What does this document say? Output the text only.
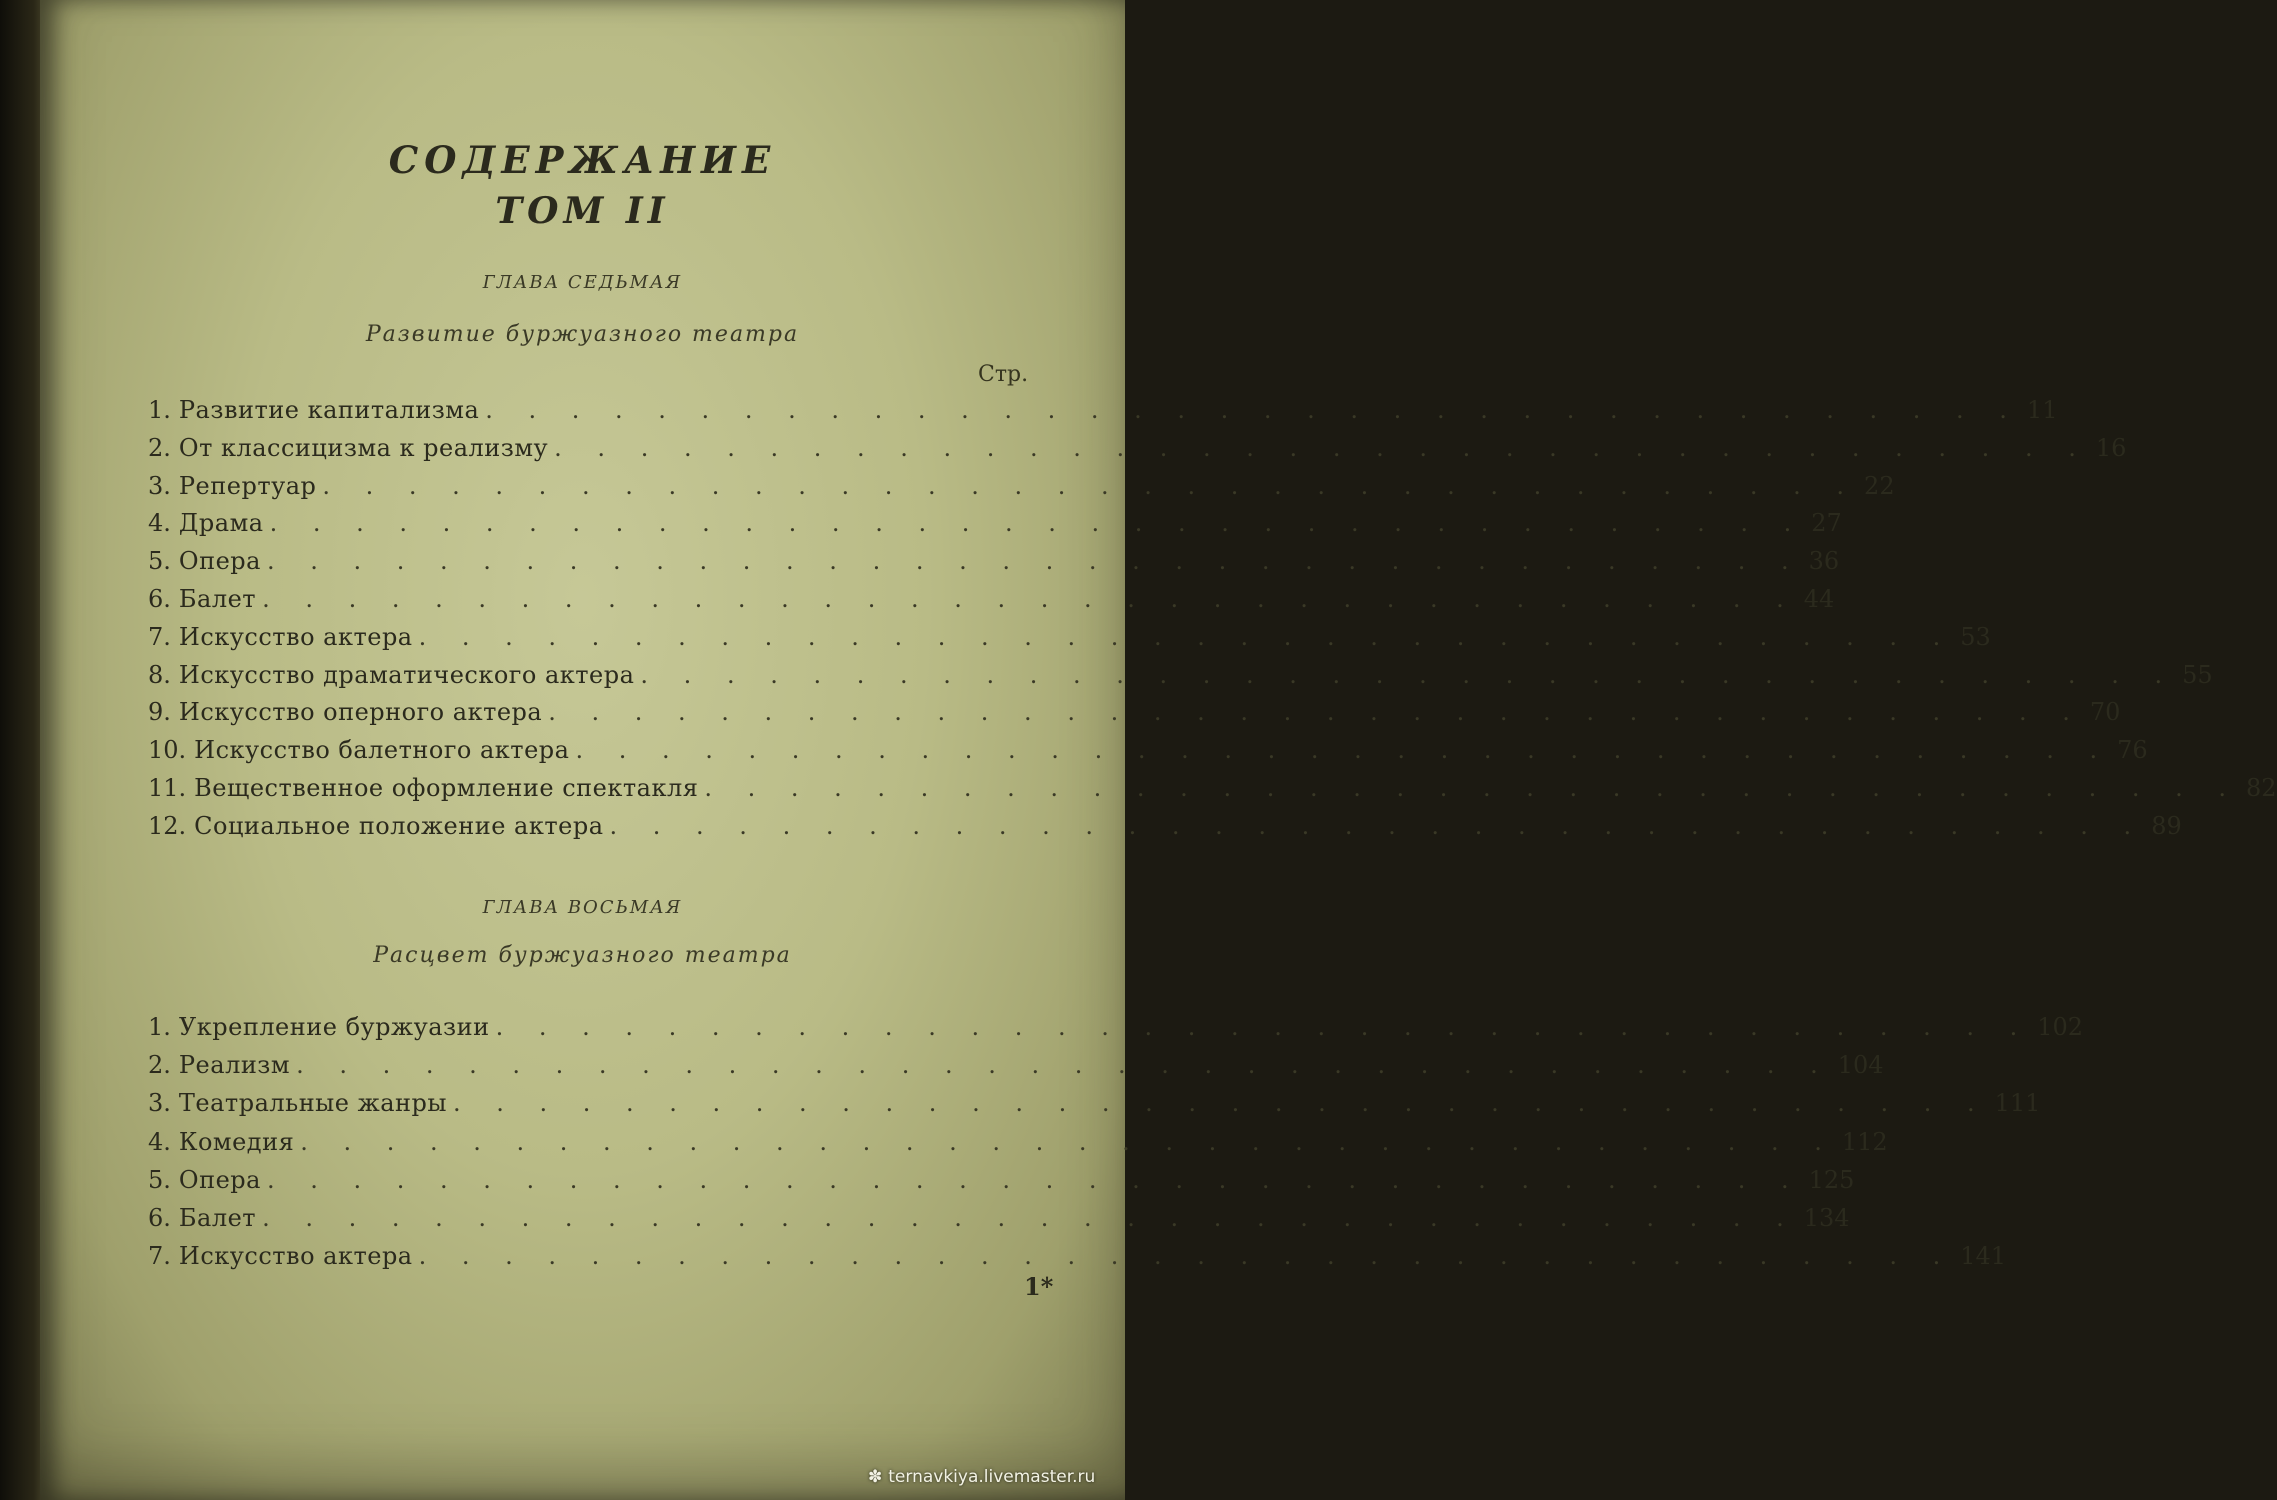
СОДЕРЖАНИЕ
ТОМ II
ГЛАВА СЕДЬМАЯ
Развитие буржуазного театра
Стр.
1. Развитие капитализма . . . . . . . . . . . . . . . . . . . . . . . . . . . . . . . . . . . . 11
2. От классицизма к реализму . . . . . . . . . . . . . . . . . . . . . . . . . . . . . . . . . . . . 16
3. Репертуар . . . . . . . . . . . . . . . . . . . . . . . . . . . . . . . . . . . . 22
4. Драма . . . . . . . . . . . . . . . . . . . . . . . . . . . . . . . . . . . . 27
5. Опера . . . . . . . . . . . . . . . . . . . . . . . . . . . . . . . . . . . . 36
6. Балет . . . . . . . . . . . . . . . . . . . . . . . . . . . . . . . . . . . . 44
7. Искусство актера . . . . . . . . . . . . . . . . . . . . . . . . . . . . . . . . . . . . 53
8. Искусство драматического актера . . . . . . . . . . . . . . . . . . . . . . . . . . . . . . . . . . . . 55
9. Искусство оперного актера . . . . . . . . . . . . . . . . . . . . . . . . . . . . . . . . . . . . 70
10. Искусство балетного актера . . . . . . . . . . . . . . . . . . . . . . . . . . . . . . . . . . . . 76
11. Вещественное оформление спектакля . . . . . . . . . . . . . . . . . . . . . . . . . . . . . . . . . . . . 82
12. Социальное положение актера . . . . . . . . . . . . . . . . . . . . . . . . . . . . . . . . . . . . 89
ГЛАВА ВОСЬМАЯ
Расцвет буржуазного театра
1. Укрепление буржуазии . . . . . . . . . . . . . . . . . . . . . . . . . . . . . . . . . . . . 102
2. Реализм . . . . . . . . . . . . . . . . . . . . . . . . . . . . . . . . . . . . 104
3. Театральные жанры . . . . . . . . . . . . . . . . . . . . . . . . . . . . . . . . . . . . 111
4. Комедия . . . . . . . . . . . . . . . . . . . . . . . . . . . . . . . . . . . . 112
5. Опера . . . . . . . . . . . . . . . . . . . . . . . . . . . . . . . . . . . . 125
6. Балет . . . . . . . . . . . . . . . . . . . . . . . . . . . . . . . . . . . . 134
7. Искусство актера . . . . . . . . . . . . . . . . . . . . . . . . . . . . . . . . . . . . 141
1*
✽ ternavkiya.livemaster.ru
